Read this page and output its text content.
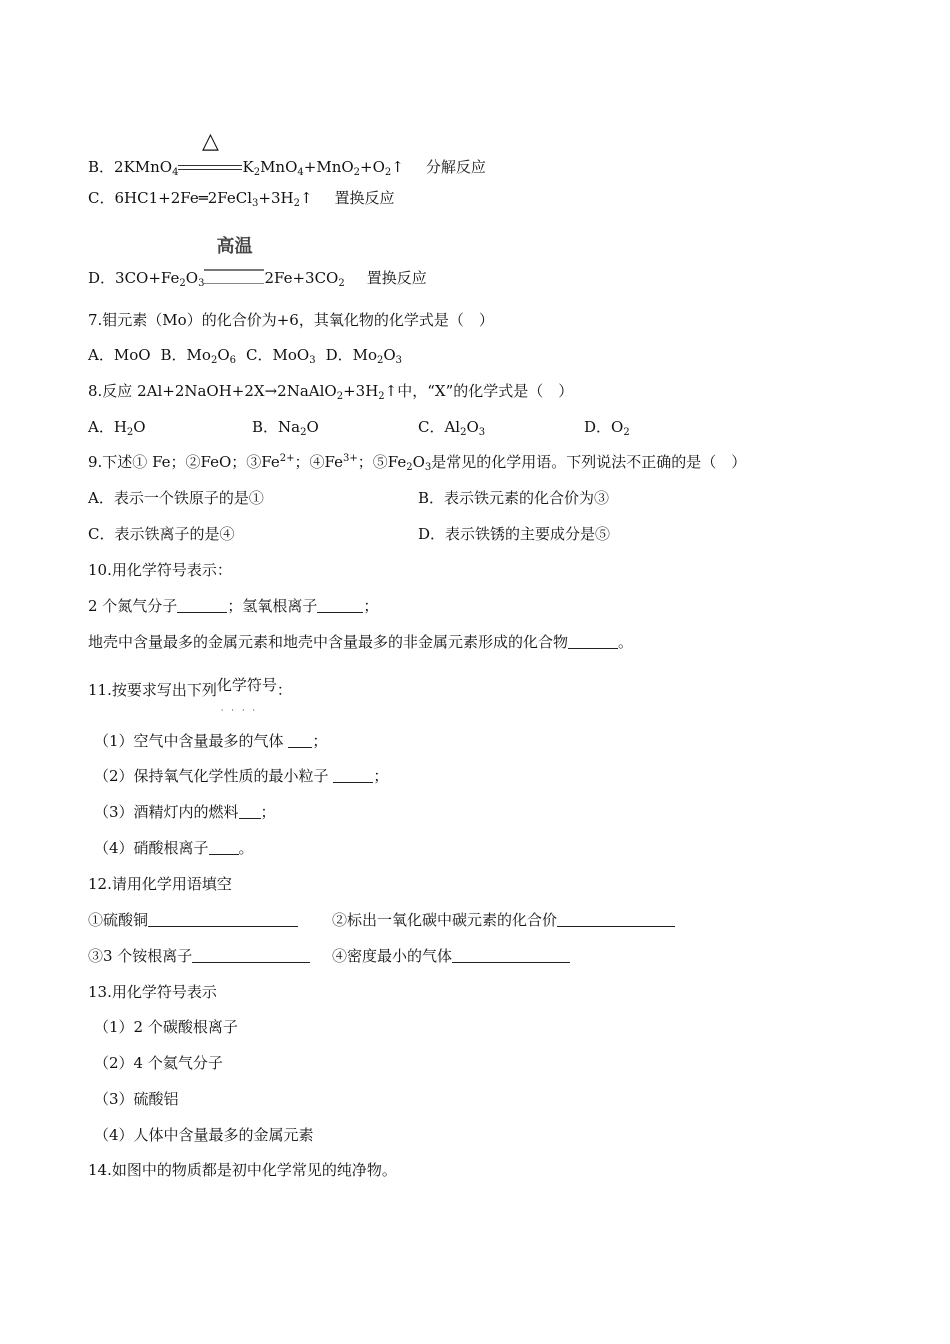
B．2KMnO$_4$
△
$K_2MnO_4+MnO_2+O_2↑$ 分解反应
C．$6HC1+2Fe═2FeCl_3+3H_2↑$ 置换反应
D．$3CO+Fe_2O_3$
高温
$2Fe+3CO_2$ 置换反应
7.钼元素（Mo）的化合价为+6，其氧化物的化学式是（　）
A．MoO B．$Mo_2O_6$ C．MoO$_3$ D．$Mo_2O_3$
8.反应 $2Al+2NaOH+2X\to 2NaAlO_2+3H_2↑$中，“X”的化学式是（　）
A．$H_2O$	B．$Na_2O$	C．$Al_2O_3$	D．$O_2$
9.下述① Fe；②FeO；$③Fe^{2+}$；$④Fe^{3+}$；$⑤Fe_2O_3$是常见的化学用语。下列说法不正确的是（　）
A．表示一个铁原子的是①	B．表示铁元素的化合价为③
C．表示铁离子的是④	D．表示铁锈的主要成分是⑤
10.用化学符号表示：
2 个氮气分子	；氢氧根离子	；
地壳中含量最多的金属元素和地壳中含量最多的非金属元素形成的化合物	。
11.按要求写出下列化学符号
····
：
（1）空气中含量最多的气体 ；
（2）保持氧气化学性质的最小粒子	；
（3）酒精灯内的燃料 ；
（4）硝酸根离子 。
12.请用化学用语填空
①硫酸铜	②标出一氧化碳中碳元素的化合价
③3 个铵根离子	④密度最小的气体
13.用化学符号表示
（1）2 个碳酸根离子
（2）4 个氦气分子
（3）硫酸铝
（4）人体中含量最多的金属元素
14.如图中的物质都是初中化学常见的纯净物。
